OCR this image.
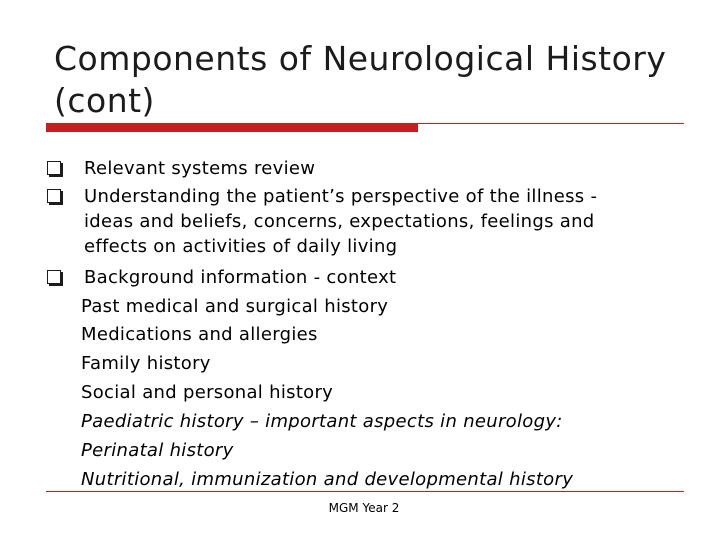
Components of Neurological History
(cont)
Relevant systems review
Understanding the patient’s perspective of the illness -
ideas and beliefs, concerns, expectations, feelings and
effects on activities of daily living
Background information - context
Past medical and surgical history
Medications and allergies
Family history
Social and personal history
Paediatric history – important aspects in neurology:
Perinatal history
Nutritional, immunization and developmental history
MGM Year 2
